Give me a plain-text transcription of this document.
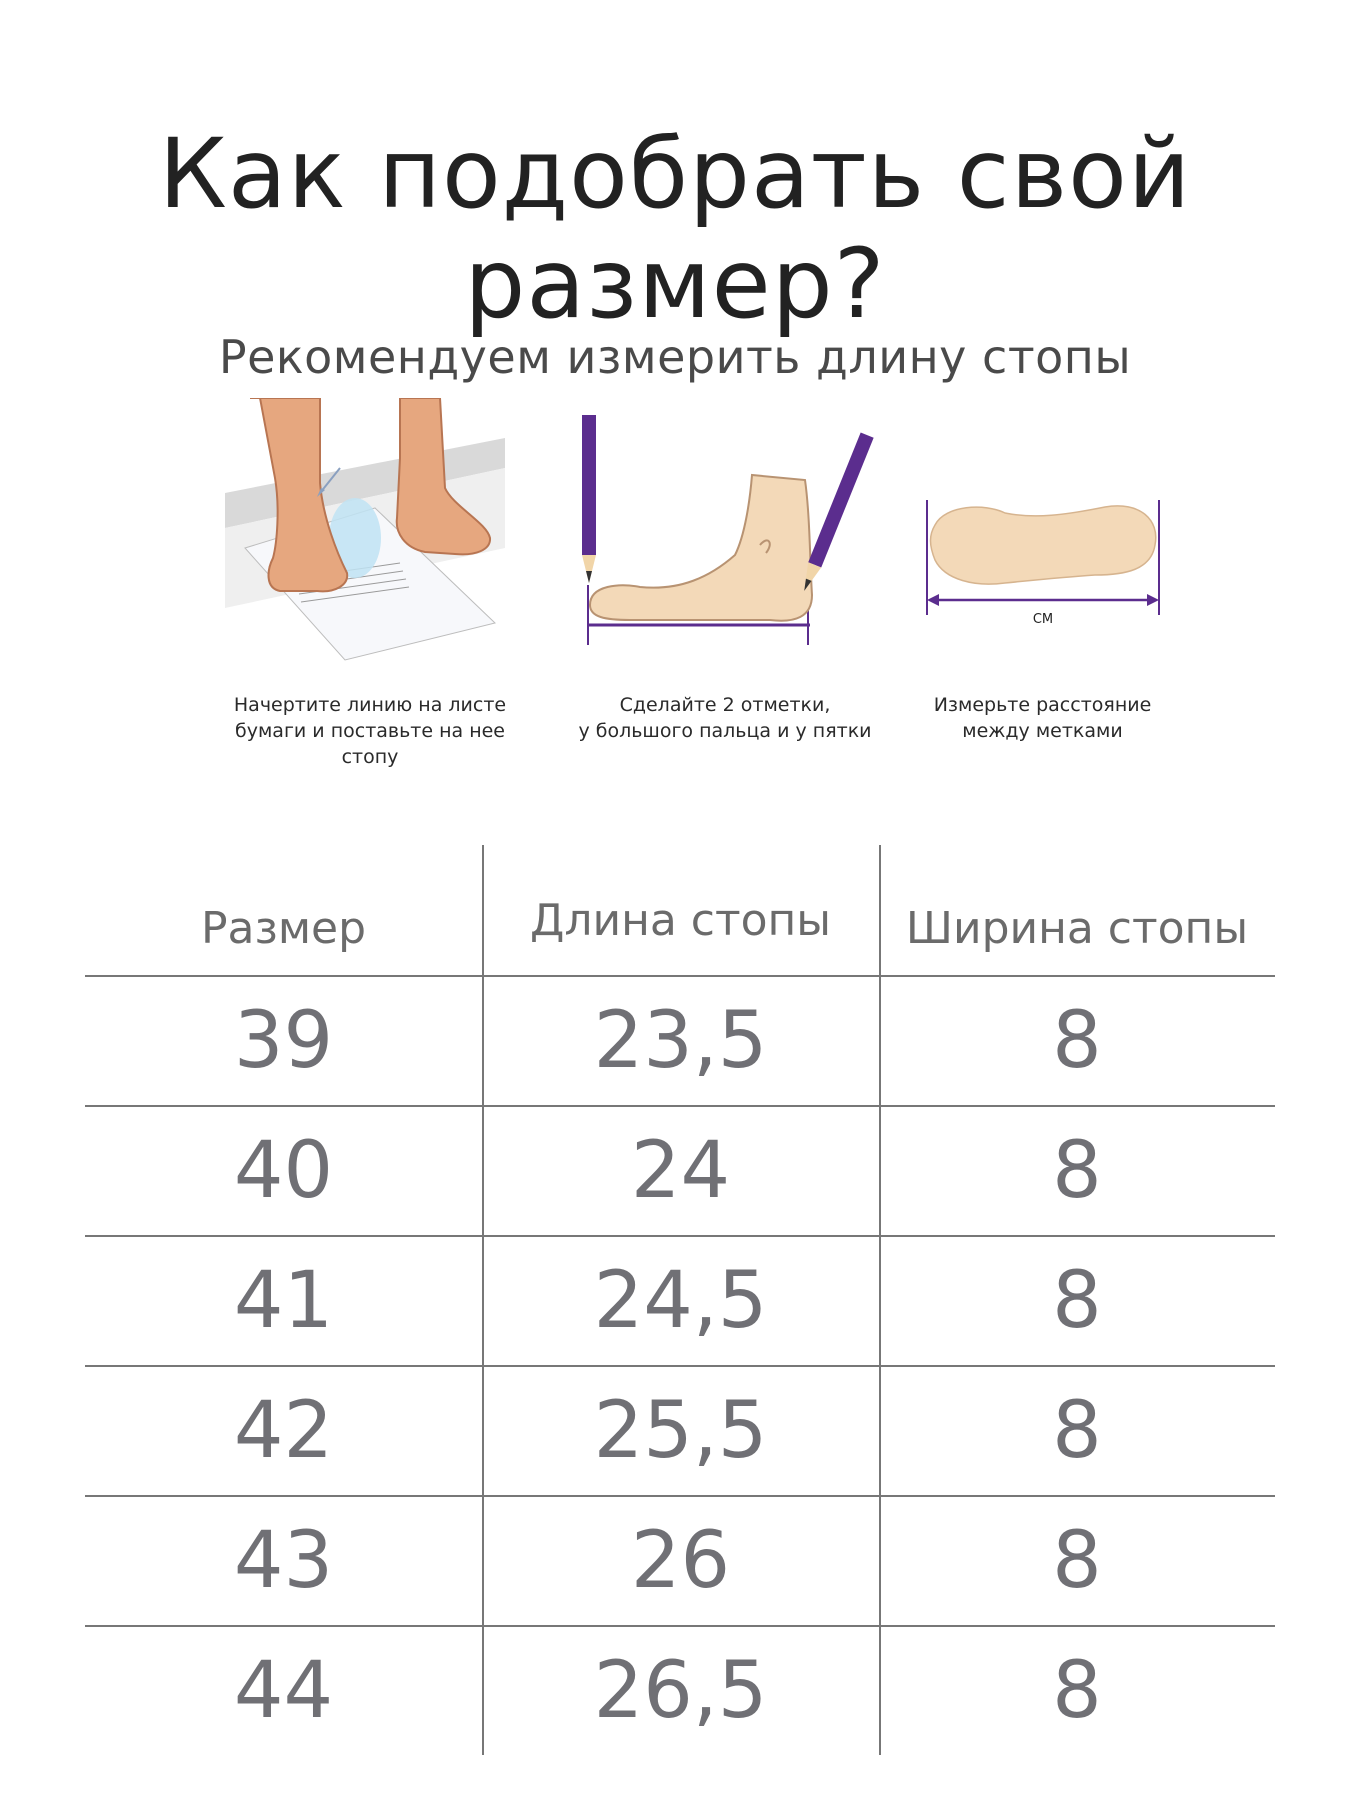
Как подобрать свой
размер?
Рекомендуем измерить длину стопы
СМ
Начертите линию на листе
бумаги и поставьте на нее
стопу
Сделайте 2 отметки,
у большого пальца и у пятки
Измерьте расстояние
между метками
Размер	Длина стопы	Ширина стопы
39	23,5	8
40	24	8
41	24,5	8
42	25,5	8
43	26	8
44	26,5	8
